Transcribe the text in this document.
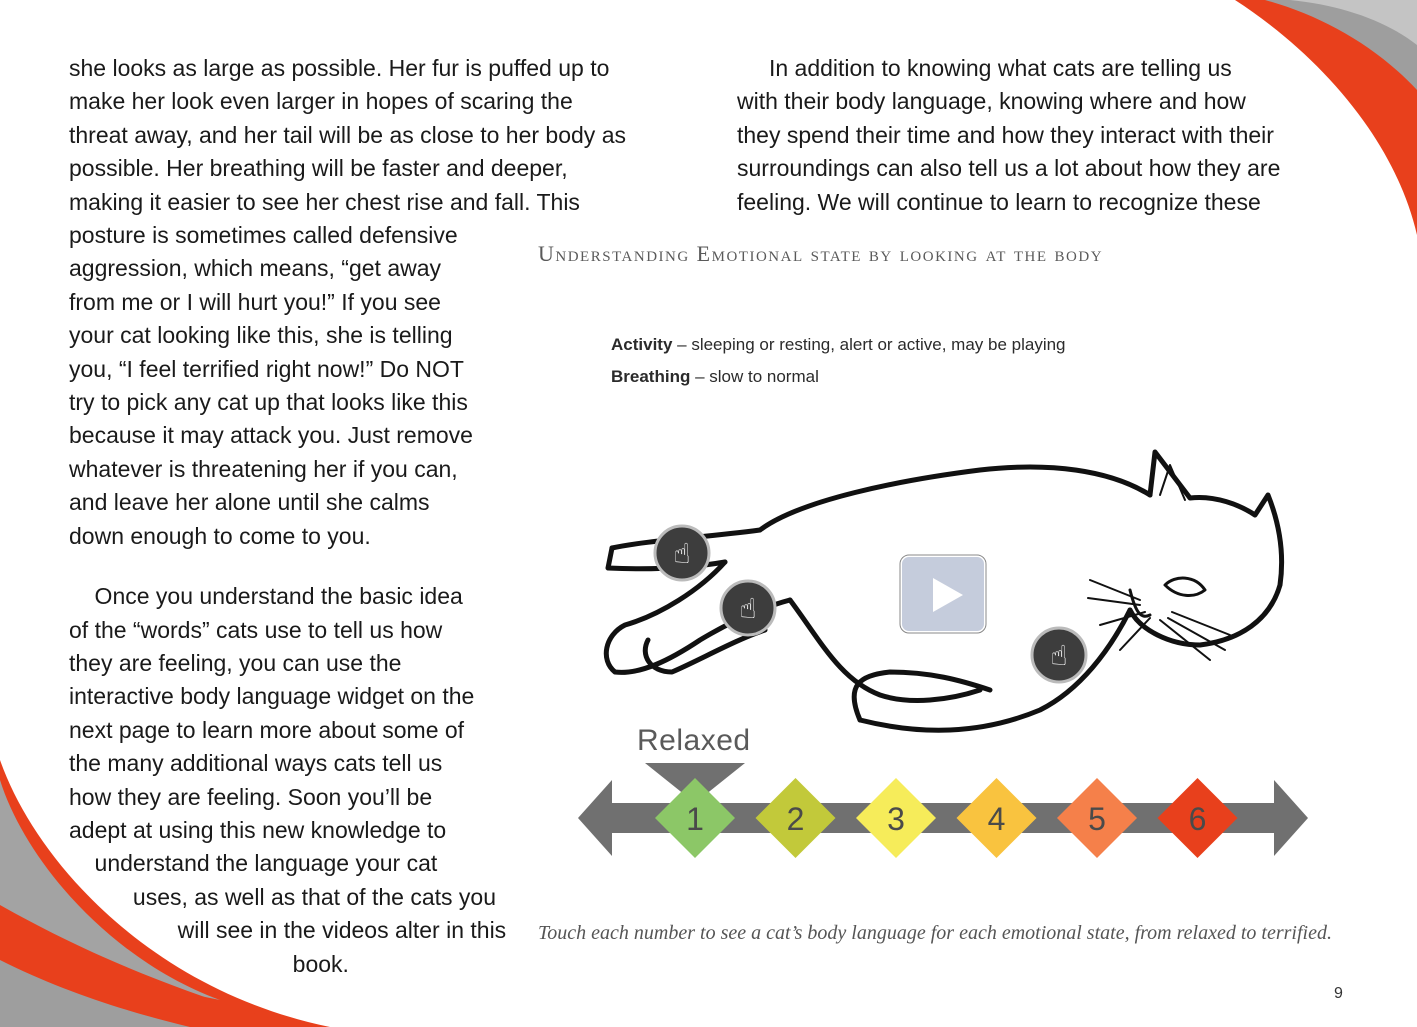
she looks as large as possible. Her fur is puffed up to
make her look even larger in hopes of scaring the
threat away, and her tail will be as close to her body as
possible. Her breathing will be faster and deeper,
making it easier to see her chest rise and fall. This
posture is sometimes called defensive
aggression, which means, “get away
from me or I will hurt you!” If you see
your cat looking like this, she is telling
you, “I feel terrified right now!” Do NOT
try to pick any cat up that looks like this
because it may attack you. Just remove
whatever is threatening her if you can,
and leave her alone until she calms
down enough to come to you.
Once you understand the basic idea
of the “words” cats use to tell us how
they are feeling, you can use the
interactive body language widget on the
next page to learn more about some of
the many additional ways cats tell us
how they are feeling. Soon you’ll be
adept at using this new knowledge to
understand the language your cat
uses, as well as that of the cats you
will see in the videos alter in this
book.
In addition to knowing what cats are telling us
with their body language, knowing where and how
they spend their time and how they interact with their
surroundings can also tell us a lot about how they are
feeling. We will continue to learn to recognize these
Understanding Emotional state by looking at the body
Activity – sleeping or resting, alert or active, may be playing
Breathing – slow to normal
☝
☝
☝
1	2	3	4	5	6
Relaxed
Touch each number to see a cat’s body language for each emotional state, from relaxed to terrified.
9
